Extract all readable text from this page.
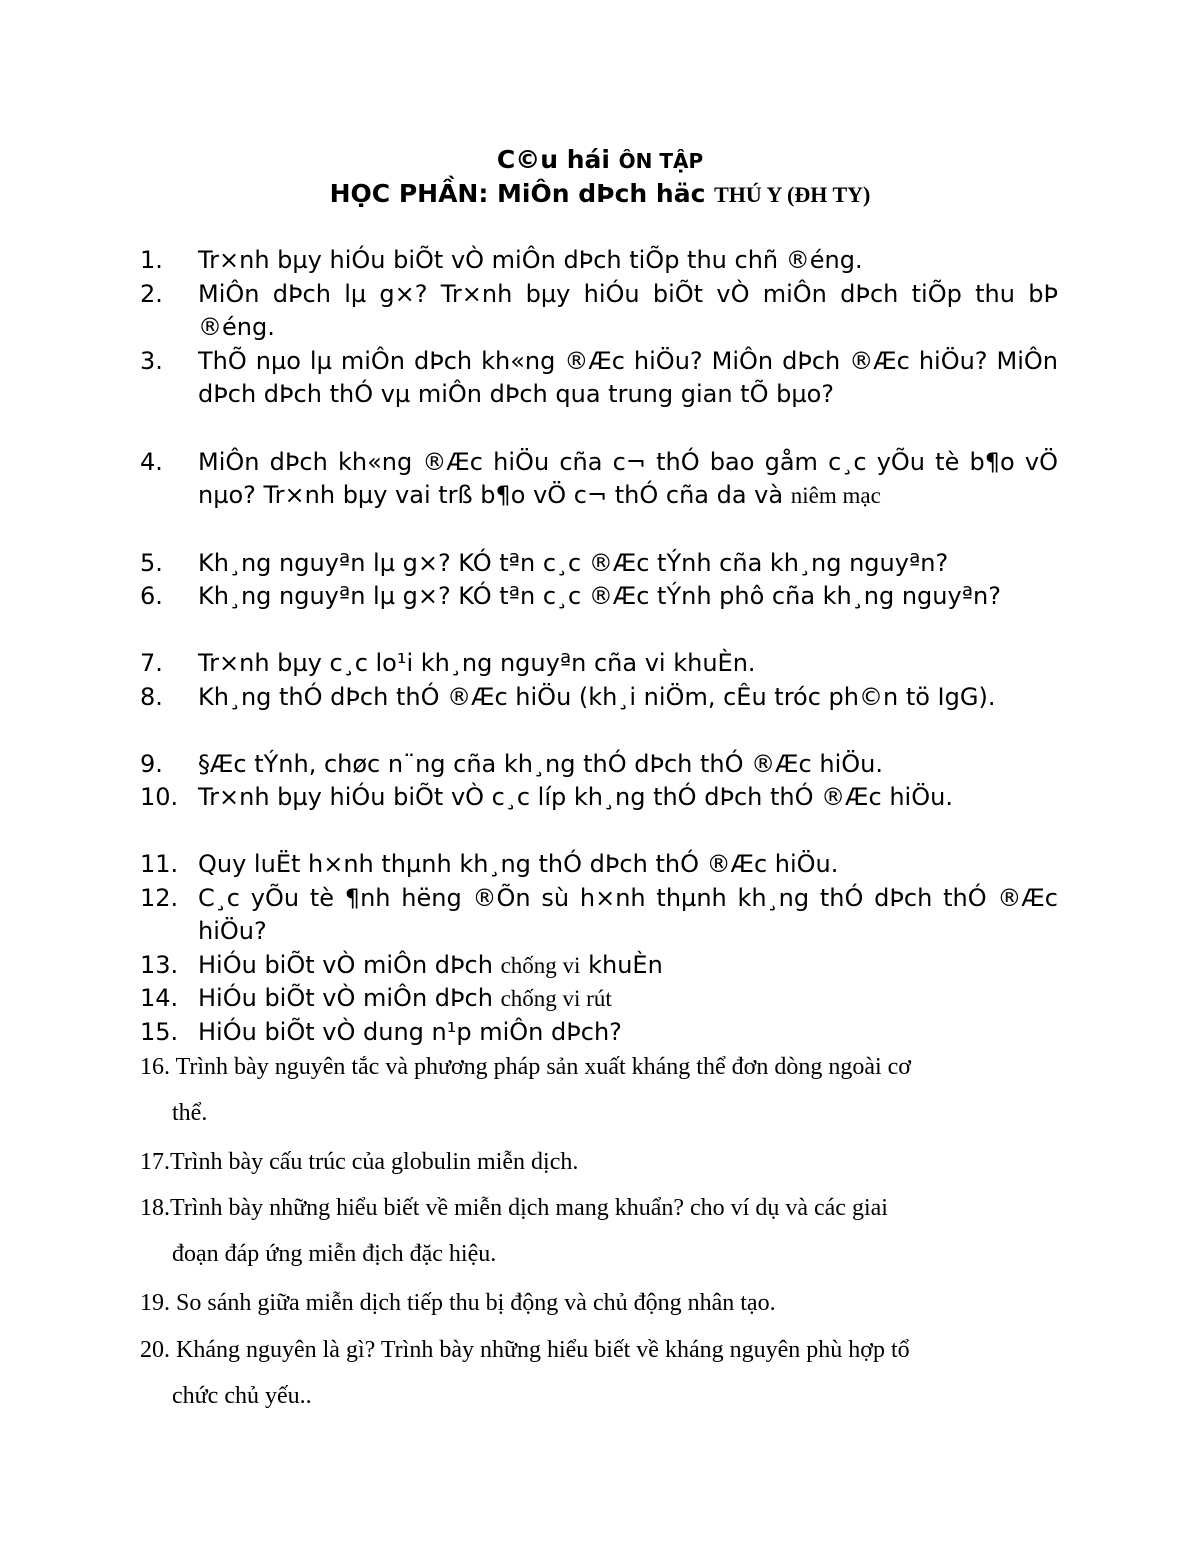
C©u hái ÔN TẬP
HỌC PHẦN: MiÔn dÞch häc THÚ Y (ĐH TY)
1. Tr×nh bµy hiÓu biÕt vÒ miÔn dÞch tiÕp thu chñ ®éng.
2. MiÔn dÞch lµ g×? Tr×nh bµy hiÓu biÕt vÒ miÔn dÞch tiÕp thu bÞ ®éng.
3. ThÕ nµo lµ miÔn dÞch kh«ng ®Æc hiÖu? MiÔn dÞch ®Æc hiÖu? MiÔn dÞch dÞch thÓ vµ miÔn dÞch qua trung gian tÕ bµo?
4. MiÔn dÞch kh«ng ®Æc hiÖu cña c¬ thÓ bao gåm c¸c yÕu tè b¶o vÖ nµo? Tr×nh bµy vai trß b¶o vÖ c¬ thÓ cña da và niêm mạc
5. Kh¸ng nguyªn lµ g×? KÓ tªn c¸c ®Æc tÝnh cña kh¸ng nguyªn?
6. Kh¸ng nguyªn lµ g×? KÓ tªn c¸c ®Æc tÝnh phô cña kh¸ng nguyªn?
7. Tr×nh bµy c¸c lo¹i kh¸ng nguyªn cña vi khuÈn.
8. Kh¸ng thÓ dÞch thÓ ®Æc hiÖu (kh¸i niÖm, cÊu tróc ph©n tö IgG).
9. §Æc tÝnh, chøc n¨ng cña kh¸ng thÓ dÞch thÓ ®Æc hiÖu.
10. Tr×nh bµy hiÓu biÕt vÒ c¸c líp kh¸ng thÓ dÞch thÓ ®Æc hiÖu.
11. Quy luËt h×nh thµnh kh¸ng thÓ dÞch thÓ ®Æc hiÖu.
12. C¸c yÕu tè ¶nh hëng ®Õn sù h×nh thµnh kh¸ng thÓ dÞch thÓ ®Æc hiÖu?
13. HiÓu biÕt vÒ miÔn dÞch chống vi khuÈn
14. HiÓu biÕt vÒ miÔn dÞch chống vi rút
15. HiÓu biÕt vÒ dung n¹p miÔn dÞch?
16. Trình bày nguyên tắc và phương pháp sản xuất kháng thể đơn dòng ngoài cơ
thể.
17.Trình bày cấu trúc của globulin miễn dịch.
18.Trình bày những hiểu biết về miễn dịch mang khuẩn? cho ví dụ và các giai
đoạn đáp ứng miễn địch đặc hiệu.
19. So sánh giữa miễn dịch tiếp thu bị động và chủ động nhân tạo.
20. Kháng nguyên là gì? Trình bày những hiểu biết về kháng nguyên phù hợp tổ
chức chủ yếu..
